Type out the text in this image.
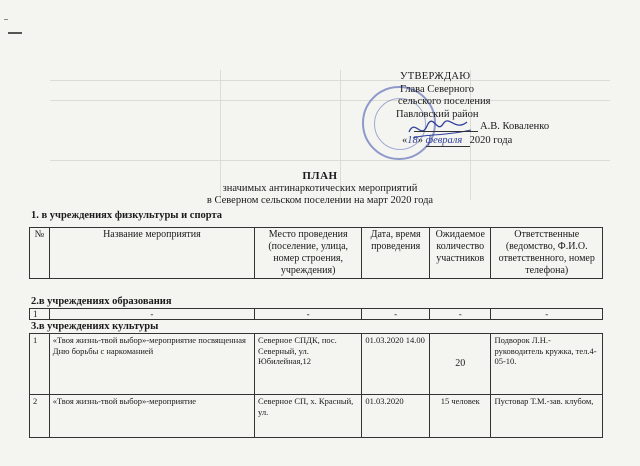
УТВЕРЖДАЮ
Глава Северного
сельского поселения
Павловский район
А.В. Коваленко
«18» февраля 2020 года
ПЛАН
значимых антинаркотических мероприятий
в Северном сельском поселении на март 2020 года
1. в учреждениях физкультуры и спорта
№	Название мероприятия	Место проведения (поселение, улица, номер строения, учреждения)	Дата, время проведения	Ожидаемое количество участников	Ответственные (ведомство, Ф.И.О. ответственного, номер телефона)
2.в учреждениях образования
1	-	-	-	-	-
3.в учреждениях культуры
1	«Твоя жизнь-твой выбор»-мероприятие посвященная Дню борьбы с наркоманией	Северное СПДК, пос. Северный, ул. Юбилейная,12	01.03.2020 14.00	20	Подворок Л.Н.- руководитель кружка, тел.4-05-10.
2	«Твоя жизнь-твой выбор»-мероприятие	Северное СП, х. Красный, ул.	01.03.2020	15 человек	Пустовар Т.М.-зав. клубом,
